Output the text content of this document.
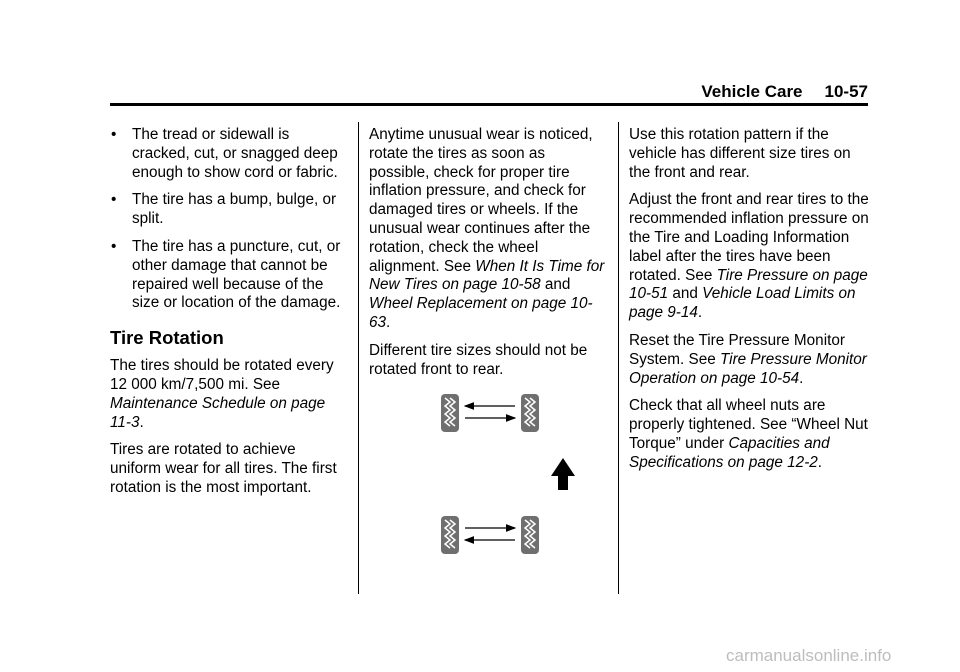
Vehicle Care 10-57
• The tread or sidewall is cracked, cut, or snagged deep enough to show cord or fabric.
• The tire has a bump, bulge, or split.
• The tire has a puncture, cut, or other damage that cannot be repaired well because of the size or location of the damage.
Tire Rotation

The tires should be rotated every 12 000 km/7,500 mi. See Maintenance Schedule on page 11-3.

Tires are rotated to achieve uniform wear for all tires. The first rotation is the most important.

Anytime unusual wear is noticed, rotate the tires as soon as possible, check for proper tire inflation pressure, and check for damaged tires or wheels. If the unusual wear continues after the rotation, check the wheel alignment. See When It Is Time for New Tires on page 10-58 and Wheel Replacement on page 10-63.

Different tire sizes should not be rotated front to rear.

Use this rotation pattern if the vehicle has different size tires on the front and rear.

Adjust the front and rear tires to the recommended inflation pressure on the Tire and Loading Information label after the tires have been rotated. See Tire Pressure on page 10-51 and Vehicle Load Limits on page 9-14.

Reset the Tire Pressure Monitor System. See Tire Pressure Monitor Operation on page 10-54.

Check that all wheel nuts are properly tightened. See “Wheel Nut Torque” under Capacities and Specifications on page 12-2.

carmanualsonline.info
